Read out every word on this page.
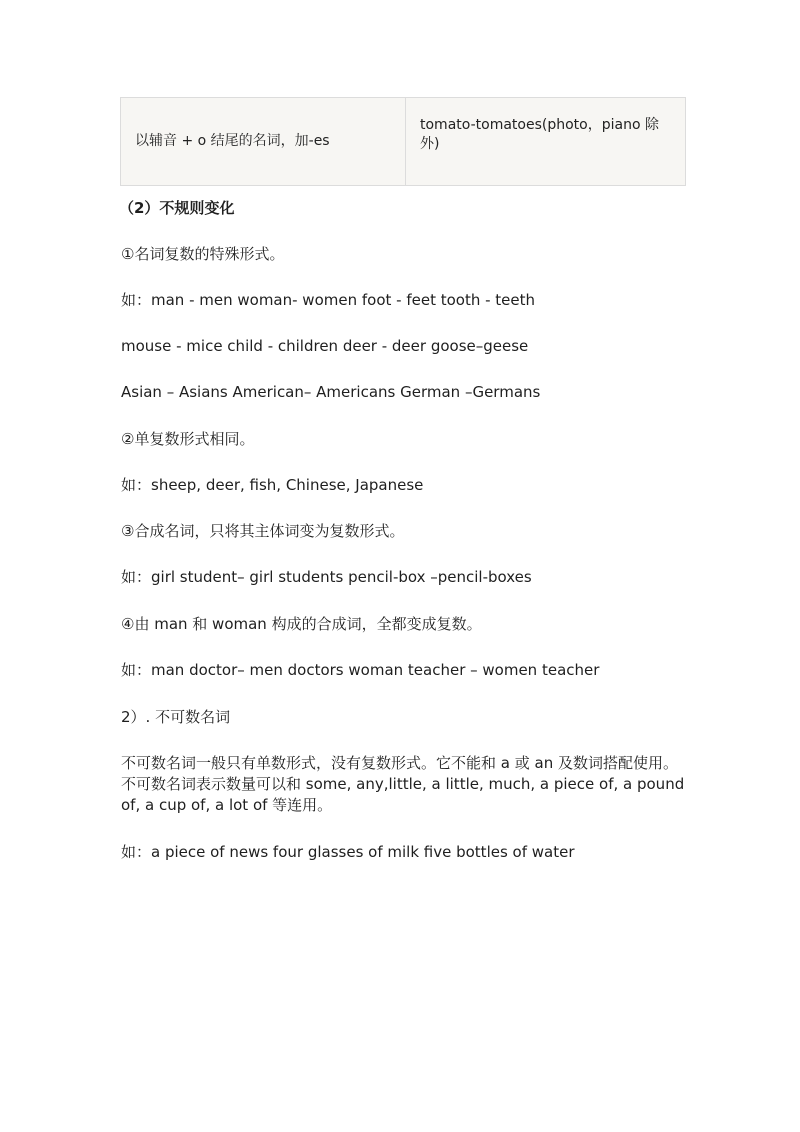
以辅音 + o 结尾的名词，加-es	tomato-tomatoes(photo，piano 除外)
（2）不规则变化
①名词复数的特殊形式。
如：man - men woman- women foot - feet tooth - teeth
mouse - mice child - children deer - deer goose–geese
Asian – Asians American– Americans German –Germans
②单复数形式相同。
如：sheep, deer, fish, Chinese, Japanese
③合成名词，只将其主体词变为复数形式。
如：girl student– girl students pencil-box –pencil-boxes
④由 man 和 woman 构成的合成词，全都变成复数。
如：man doctor– men doctors woman teacher – women teacher
2）. 不可数名词
不可数名词一般只有单数形式，没有复数形式。它不能和 a 或 an 及数词搭配使用。不可数名词表示数量可以和 some, any,little, a little, much, a piece of, a pound of, a cup of, a lot of 等连用。
如：a piece of news four glasses of milk five bottles of water
